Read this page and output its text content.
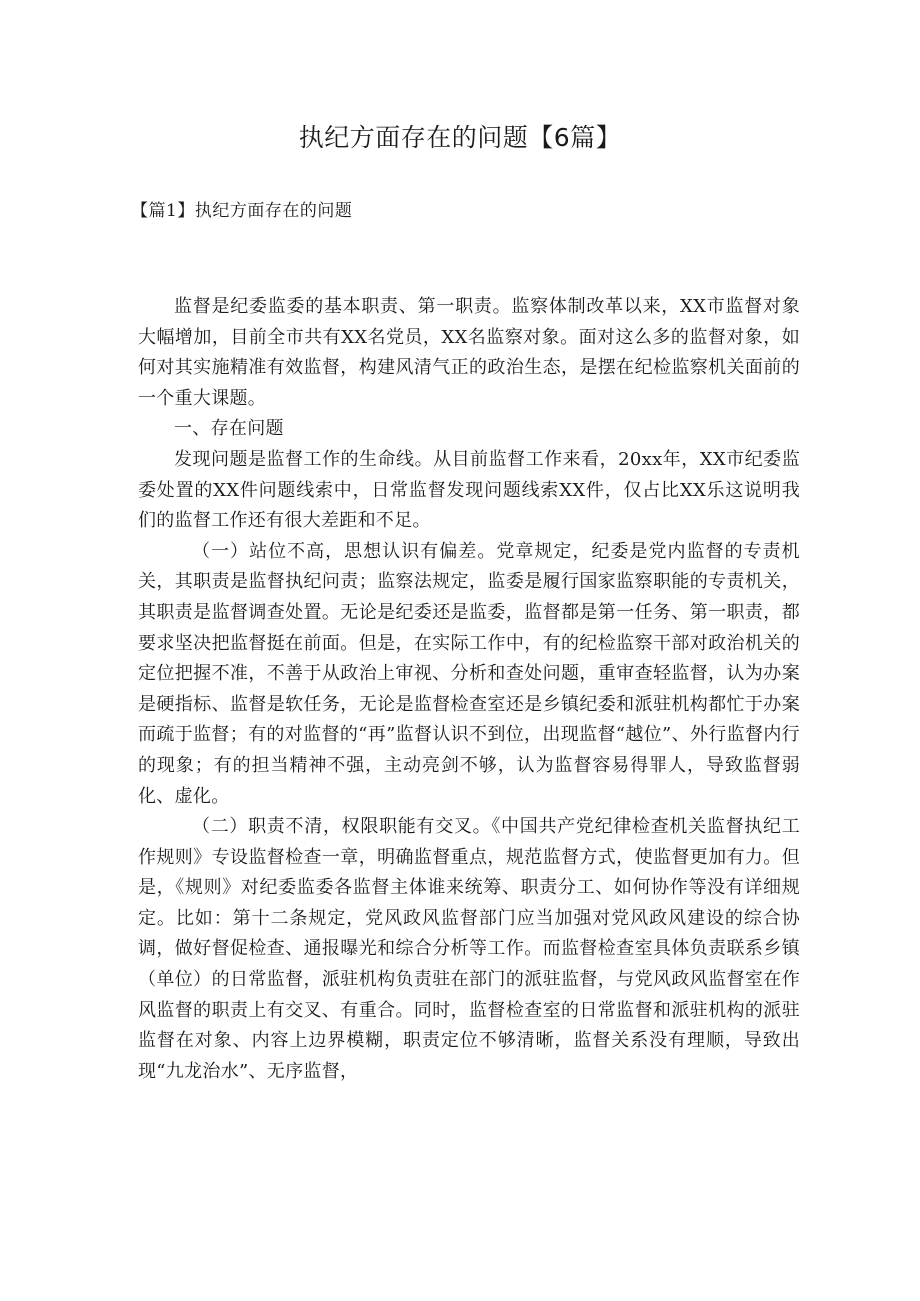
执纪方面存在的问题【6篇】
【篇1】执纪方面存在的问题

监督是纪委监委的基本职责、第一职责。监察体制改革以来，XX市监督对象大幅增加，目前全市共有XX名党员，XX名监察对象。面对这么多的监督对象，如何对其实施精准有效监督，构建风清气正的政治生态，是摆在纪检监察机关面前的一个重大课题。

一、存在问题

发现问题是监督工作的生命线。从目前监督工作来看，20xx年，XX市纪委监委处置的XX件问题线索中，日常监督发现问题线索XX件，仅占比XX乐这说明我们的监督工作还有很大差距和不足。

（一）站位不高，思想认识有偏差。党章规定，纪委是党内监督的专责机关，其职责是监督执纪问责；监察法规定，监委是履行国家监察职能的专责机关，其职责是监督调查处置。无论是纪委还是监委，监督都是第一任务、第一职责，都要求坚决把监督挺在前面。但是，在实际工作中，有的纪检监察干部对政治机关的定位把握不准，不善于从政治上审视、分析和查处问题，重审查轻监督，认为办案是硬指标、监督是软任务，无论是监督检查室还是乡镇纪委和派驻机构都忙于办案而疏于监督；有的对监督的“再”监督认识不到位，出现监督“越位”、外行监督内行的现象；有的担当精神不强，主动亮剑不够，认为监督容易得罪人，导致监督弱化、虚化。

（二）职责不清，权限职能有交叉。《中国共产党纪律检查机关监督执纪工作规则》专设监督检查一章，明确监督重点，规范监督方式，使监督更加有力。但是，《规则》对纪委监委各监督主体谁来统筹、职责分工、如何协作等没有详细规定。比如：第十二条规定，党风政风监督部门应当加强对党风政风建设的综合协调，做好督促检查、通报曝光和综合分析等工作。而监督检查室具体负责联系乡镇（单位）的日常监督，派驻机构负责驻在部门的派驻监督，与党风政风监督室在作风监督的职责上有交叉、有重合。同时，监督检查室的日常监督和派驻机构的派驻监督在对象、内容上边界模糊，职责定位不够清晰，监督关系没有理顺，导致出现“九龙治水”、无序监督，
